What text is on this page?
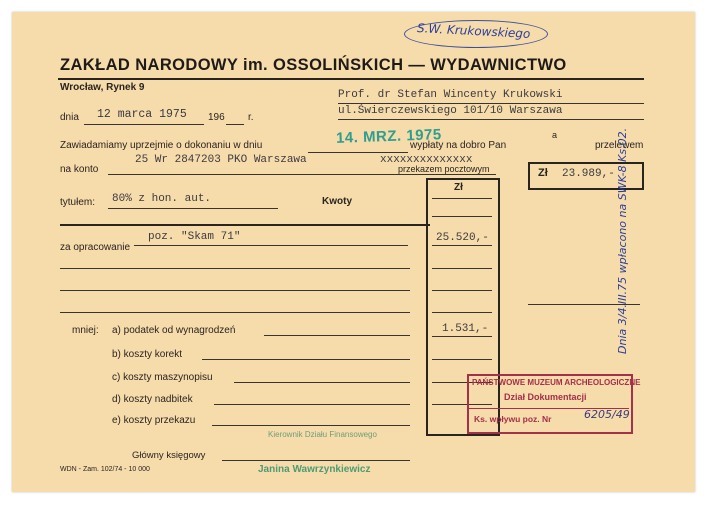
S.W. Krukowskiego
ZAKŁAD NARODOWY im. OSSOLIŃSKICH — WYDAWNICTWO
Wrocław, Rynek 9
dnia 12 marca 1975 196 r.
Prof. dr Stefan Wincenty Krukowski
ul.Świerczewskiego 101/10 Warszawa
Zawiadamiamy uprzejmie o dokonaniu w dniu	14. MRZ. 1975
wypłaty na dobro Pan
a
przelewem
na konto
25 Wr 2847203 PKO Warszawa	xxxxxxxxxxxxxx
przekazem pocztowym	Zł 23.989,-
Zł
tytułem: 80% z hon. aut.	Kwoty
za opracowanie
poz. "Skam 71"	25.520,-
mniej: a) podatek od wynagrodzeń	1.531,-
b) koszty korekt
c) koszty maszynopisu
d) koszty nadbitek
e) koszty przekazu
Główny księgowy
Kierownik Działu Finansowego
Janina Wawrzynkiewicz
WDN - Zam. 102/74 - 10 000
PAŃSTWOWE MUZEUM ARCHEOLOGICZNE
Dział Dokumentacji
Ks. wpływu poz. Nr	6205/49
Dnia 3/4.III.75 wpłacono na SWK-8 Ks.02.
